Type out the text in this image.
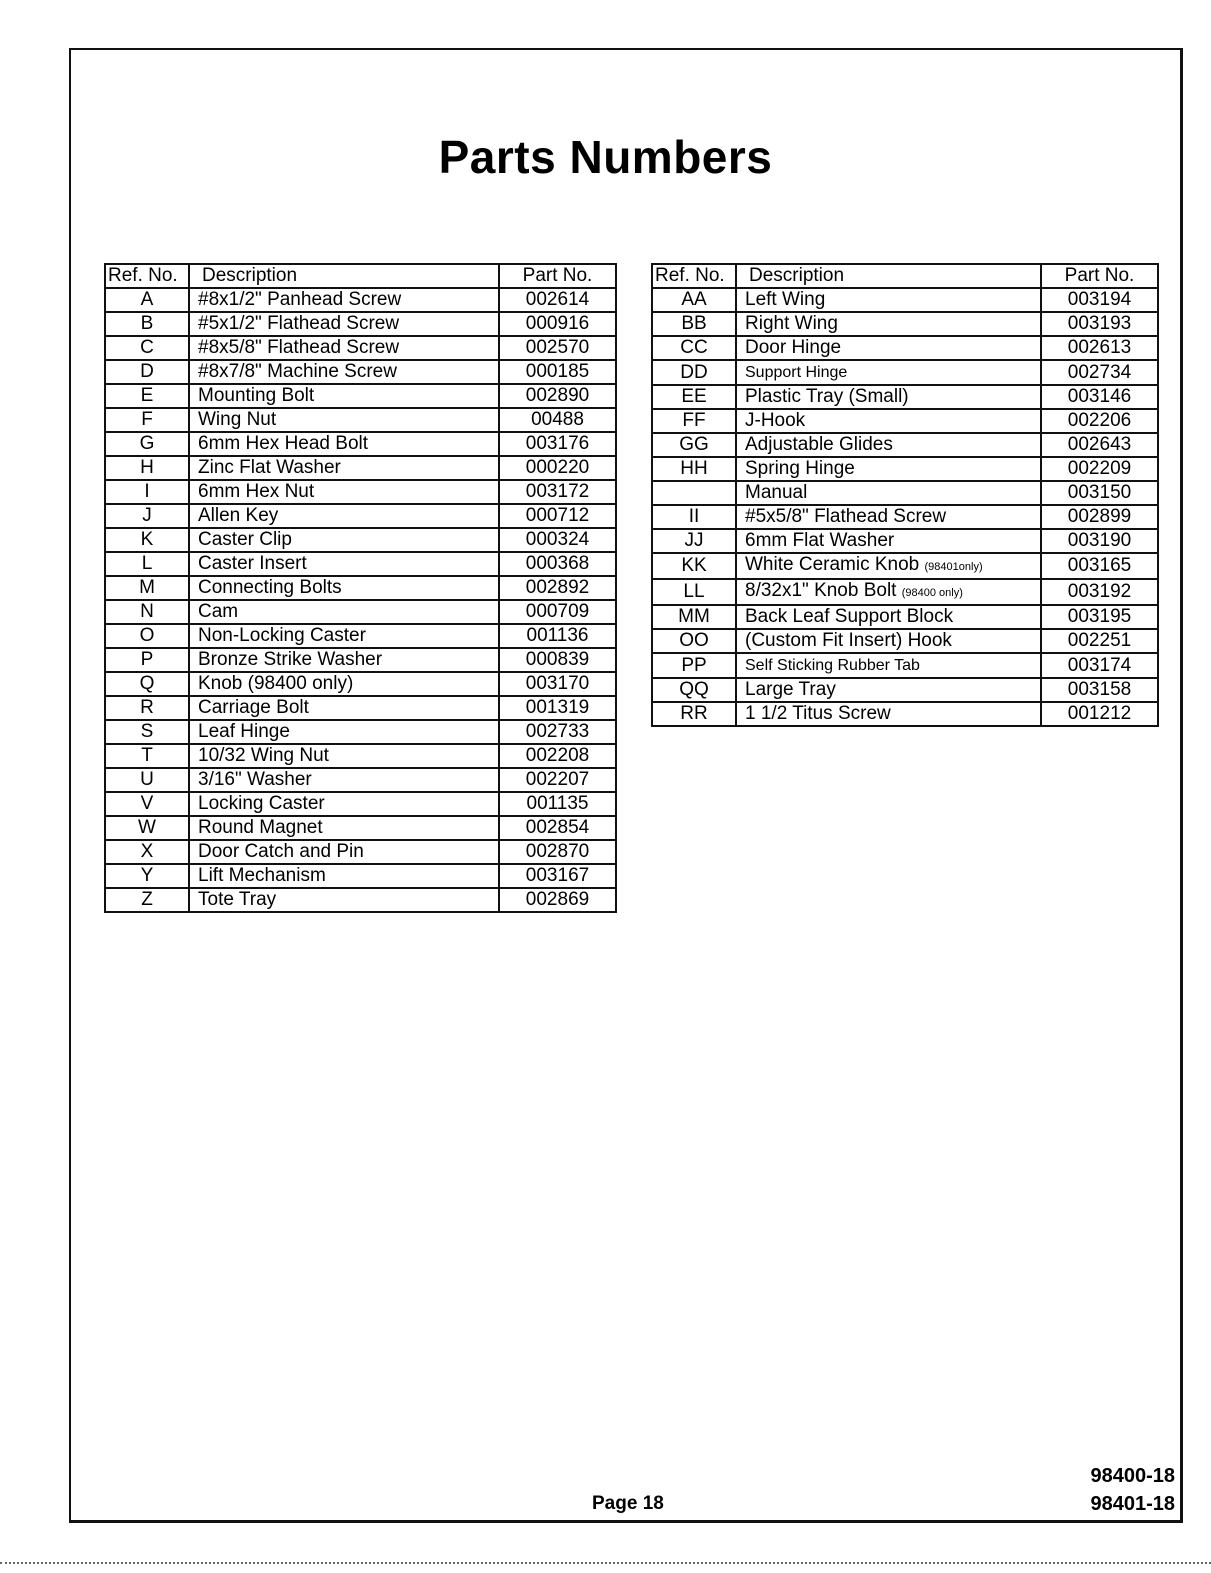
Parts Numbers
Ref. No.	Description	Part No.
A	#8x1/2" Panhead Screw	002614
B	#5x1/2" Flathead Screw	000916
C	#8x5/8" Flathead Screw	002570
D	#8x7/8" Machine Screw	000185
E	Mounting Bolt	002890
F	Wing Nut	00488
G	6mm Hex Head Bolt	003176
H	Zinc Flat Washer	000220
I	6mm Hex Nut	003172
J	Allen Key	000712
K	Caster Clip	000324
L	Caster Insert	000368
M	Connecting Bolts	002892
N	Cam	000709
O	Non-Locking Caster	001136
P	Bronze Strike Washer	000839
Q	Knob (98400 only)	003170
R	Carriage Bolt	001319
S	Leaf Hinge	002733
T	10/32 Wing Nut	002208
U	3/16" Washer	002207
V	Locking Caster	001135
W	Round Magnet	002854
X	Door Catch and Pin	002870
Y	Lift Mechanism	003167
Z	Tote Tray	002869
Ref. No.	Description	Part No.
AA	Left Wing	003194
BB	Right Wing	003193
CC	Door Hinge	002613
DD	Support Hinge	002734
EE	Plastic Tray (Small)	003146
FF	J-Hook	002206
GG	Adjustable Glides	002643
HH	Spring Hinge	002209
	Manual	003150
II	#5x5/8" Flathead Screw	002899
JJ	6mm Flat Washer	003190
KK	White Ceramic Knob (98401only)	003165
LL	8/32x1" Knob Bolt (98400 only)	003192
MM	Back Leaf Support Block	003195
OO	(Custom Fit Insert) Hook	002251
PP	Self Sticking Rubber Tab	003174
QQ	Large Tray	003158
RR	1 1/2 Titus Screw	001212
Page 18
98400-18
98401-18
